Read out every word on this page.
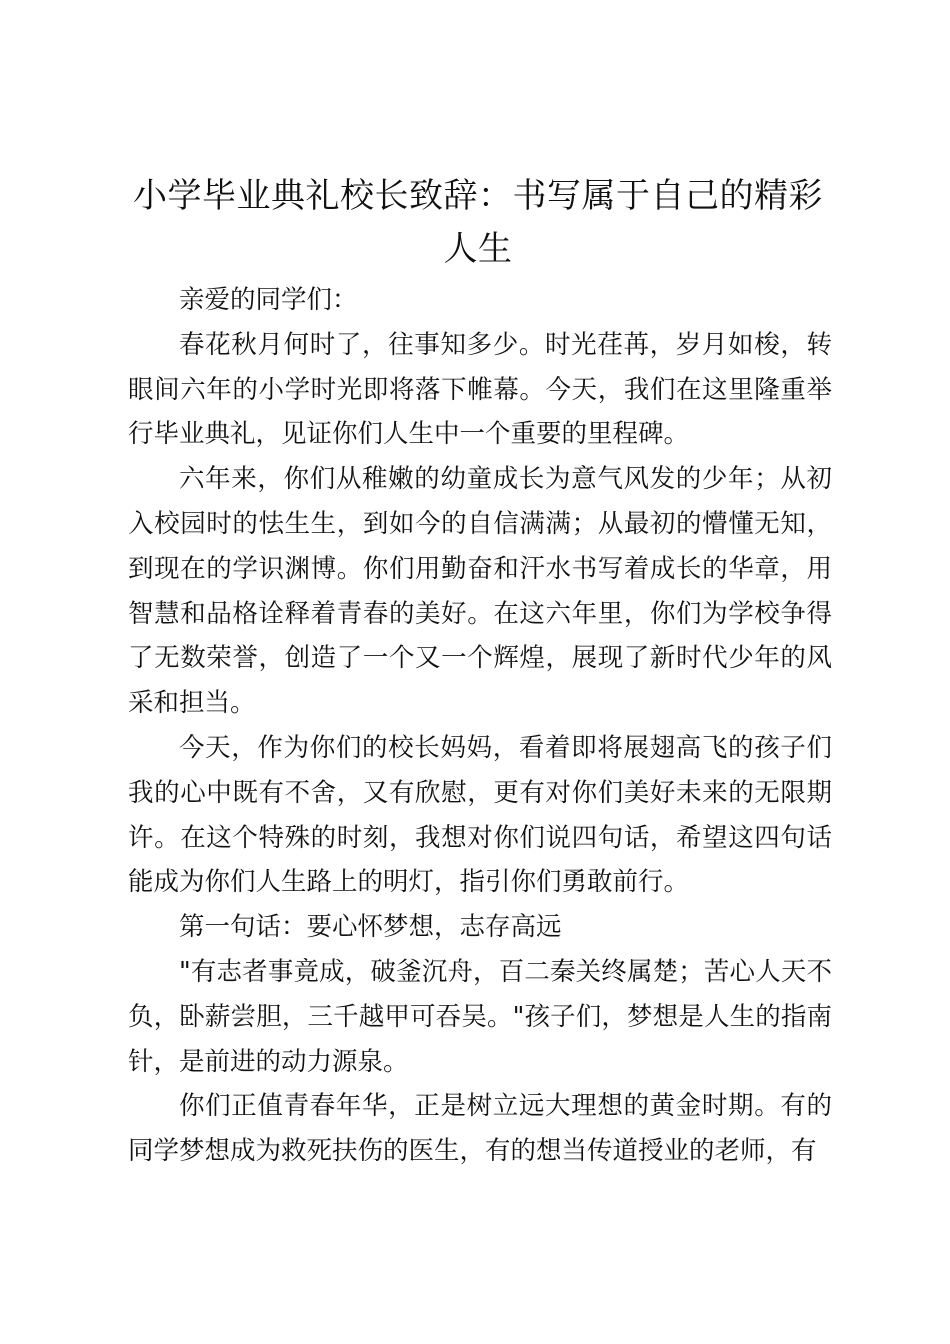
小学毕业典礼校长致辞：书写属于自己的精彩人生

亲爱的同学们：

春花秋月何时了，往事知多少。时光荏苒，岁月如梭，转眼间六年的小学时光即将落下帷幕。今天，我们在这里隆重举行毕业典礼，见证你们人生中一个重要的里程碑。

六年来，你们从稚嫩的幼童成长为意气风发的少年；从初入校园时的怯生生，到如今的自信满满；从最初的懵懂无知，到现在的学识渊博。你们用勤奋和汗水书写着成长的华章，用智慧和品格诠释着青春的美好。在这六年里，你们为学校争得了无数荣誉，创造了一个又一个辉煌，展现了新时代少年的风采和担当。

今天，作为你们的校长妈妈，看着即将展翅高飞的孩子们我的心中既有不舍，又有欣慰，更有对你们美好未来的无限期许。在这个特殊的时刻，我想对你们说四句话，希望这四句话能成为你们人生路上的明灯，指引你们勇敢前行。

第一句话：要心怀梦想，志存高远

"有志者事竟成，破釜沉舟，百二秦关终属楚；苦心人天不负，卧薪尝胆，三千越甲可吞吴。"孩子们，梦想是人生的指南针，是前进的动力源泉。

你们正值青春年华，正是树立远大理想的黄金时期。有的同学梦想成为救死扶伤的医生，有的想当传道授业的老师，有
